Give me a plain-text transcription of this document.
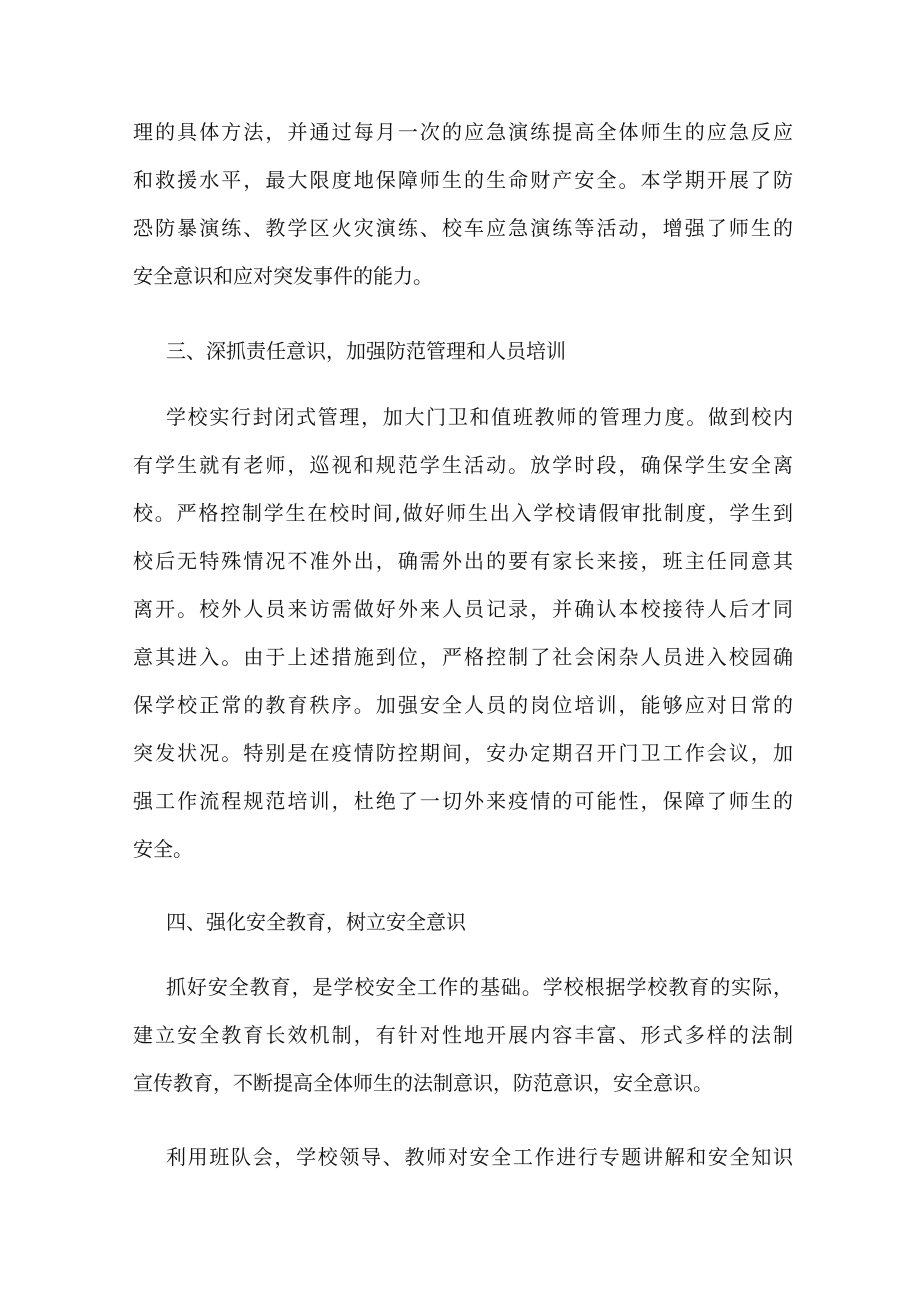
理的具体方法，并通过每月一次的应急演练提高全体师生的应急反应
和救援水平，最大限度地保障师生的生命财产安全。本学期开展了防
恐防暴演练、教学区火灾演练、校车应急演练等活动，增强了师生的
安全意识和应对突发事件的能力。
三、深抓责任意识，加强防范管理和人员培训
学校实行封闭式管理，加大门卫和值班教师的管理力度。做到校内
有学生就有老师，巡视和规范学生活动。放学时段，确保学生安全离
校。严格控制学生在校时间,做好师生出入学校请假审批制度，学生到
校后无特殊情况不准外出，确需外出的要有家长来接，班主任同意其
离开。校外人员来访需做好外来人员记录，并确认本校接待人后才同
意其进入。由于上述措施到位，严格控制了社会闲杂人员进入校园确
保学校正常的教育秩序。加强安全人员的岗位培训，能够应对日常的
突发状况。特别是在疫情防控期间，安办定期召开门卫工作会议，加
强工作流程规范培训，杜绝了一切外来疫情的可能性，保障了师生的
安全。
四、强化安全教育，树立安全意识
抓好安全教育，是学校安全工作的基础。学校根据学校教育的实际，
建立安全教育长效机制，有针对性地开展内容丰富、形式多样的法制
宣传教育，不断提高全体师生的法制意识，防范意识，安全意识。
利用班队会，学校领导、教师对安全工作进行专题讲解和安全知识
